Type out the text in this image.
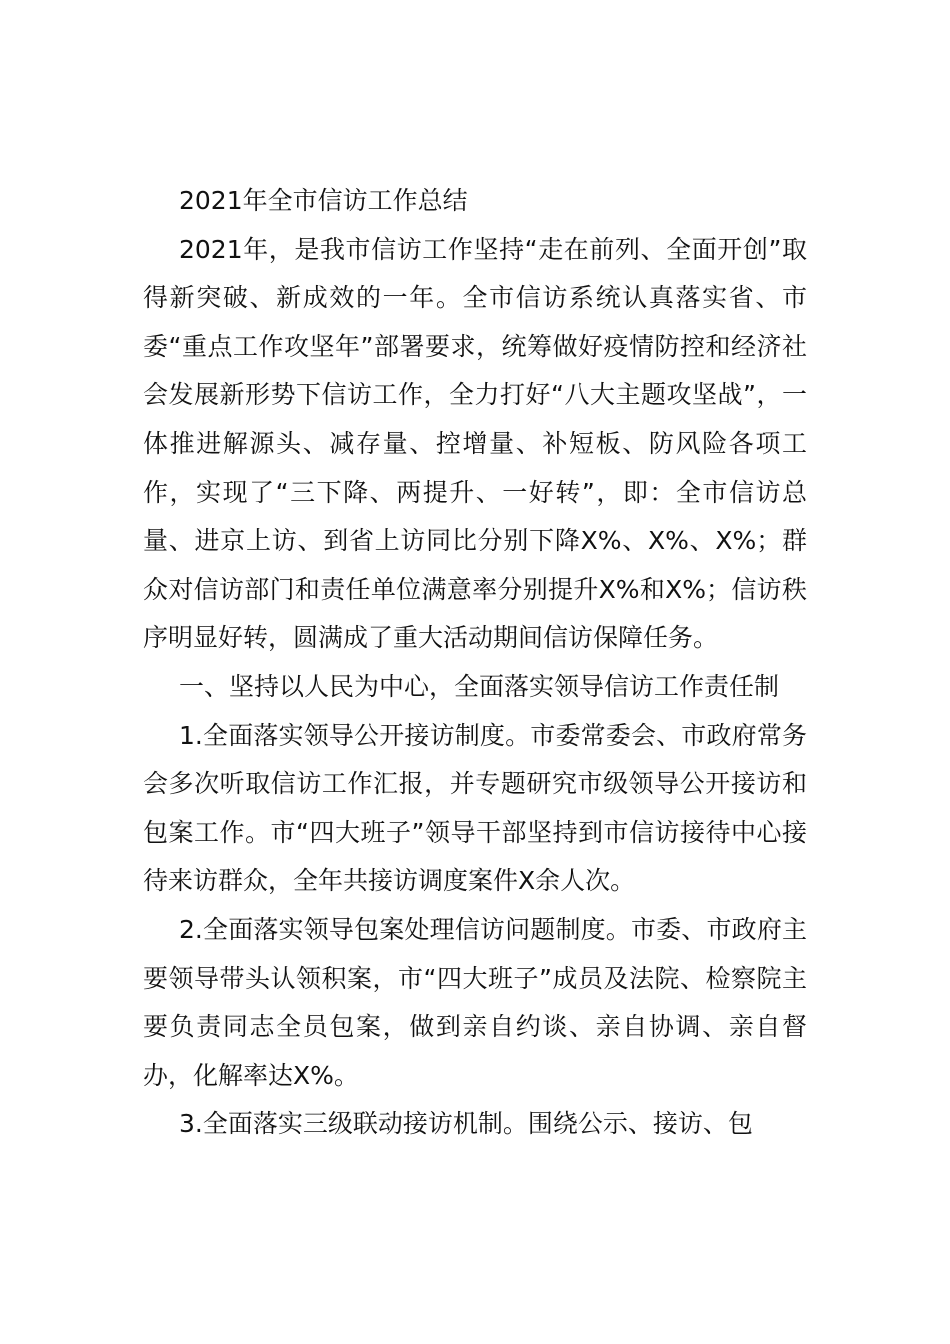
2021年全市信访工作总结

2021年，是我市信访工作坚持“走在前列、全面开创”取得新突破、新成效的一年。全市信访系统认真落实省、市委“重点工作攻坚年”部署要求，统筹做好疫情防控和经济社会发展新形势下信访工作，全力打好“八大主题攻坚战”，一体推进解源头、减存量、控增量、补短板、防风险各项工作，实现了“三下降、两提升、一好转”，即：全市信访总量、进京上访、到省上访同比分别下降X%、X%、X%；群众对信访部门和责任单位满意率分别提升X%和X%；信访秩序明显好转，圆满成了重大活动期间信访保障任务。

一、坚持以人民为中心，全面落实领导信访工作责任制

1.全面落实领导公开接访制度。市委常委会、市政府常务会多次听取信访工作汇报，并专题研究市级领导公开接访和包案工作。市“四大班子”领导干部坚持到市信访接待中心接待来访群众，全年共接访调度案件X余人次。

2.全面落实领导包案处理信访问题制度。市委、市政府主要领导带头认领积案，市“四大班子”成员及法院、检察院主要负责同志全员包案，做到亲自约谈、亲自协调、亲自督办，化解率达X%。

3.全面落实三级联动接访机制。围绕公示、接访、包
